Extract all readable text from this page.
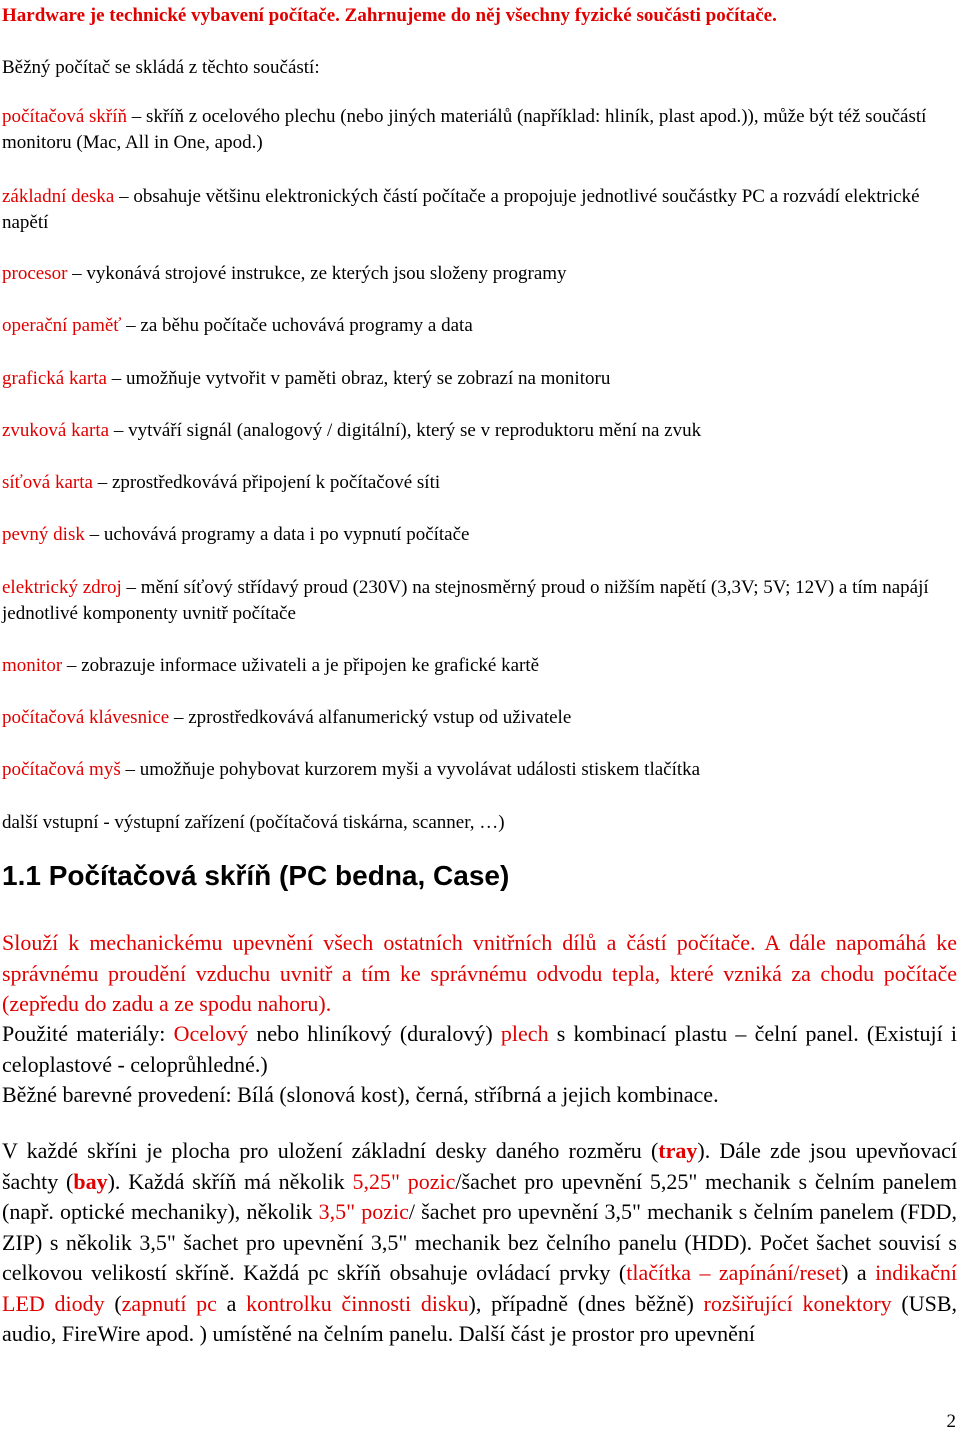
Hardware je technické vybavení počítače. Zahrnujeme do něj všechny fyzické součásti počítače.
Běžný počítač se skládá z těchto součástí:
počítačová skříň – skříň z ocelového plechu (nebo jiných materiálů (například: hliník, plast apod.)), může být též součástí monitoru (Mac, All in One, apod.)
základní deska – obsahuje většinu elektronických částí počítače a propojuje jednotlivé součástky PC a rozvádí elektrické napětí
procesor – vykonává strojové instrukce, ze kterých jsou složeny programy
operační paměť – za běhu počítače uchovává programy a data
grafická karta – umožňuje vytvořit v paměti obraz, který se zobrazí na monitoru
zvuková karta – vytváří signál (analogový / digitální), který se v reproduktoru mění na zvuk
síťová karta – zprostředkovává připojení k počítačové síti
pevný disk – uchovává programy a data i po vypnutí počítače
elektrický zdroj – mění síťový střídavý proud (230V) na stejnosměrný proud o nižším napětí (3,3V; 5V; 12V) a tím napájí jednotlivé komponenty uvnitř počítače
monitor – zobrazuje informace uživateli a je připojen ke grafické kartě
počítačová klávesnice – zprostředkovává alfanumerický vstup od uživatele
počítačová myš – umožňuje pohybovat kurzorem myši a vyvolávat události stiskem tlačítka
další vstupní - výstupní zařízení (počítačová tiskárna, scanner, …)
1.1 Počítačová skříň (PC bedna, Case)
Slouží k mechanickému upevnění všech ostatních vnitřních dílů a částí počítače. A dále napomáhá ke správnému proudění vzduchu uvnitř a tím ke správnému odvodu tepla, které vzniká za chodu počítače (zepředu do zadu a ze spodu nahoru).
Použité materiály: Ocelový nebo hliníkový (duralový) plech s kombinací plastu – čelní panel. (Existují i celoplastové - celoprůhledné.)
Běžné barevné provedení: Bílá (slonová kost), černá, stříbrná a jejich kombinace.
V každé skříni je plocha pro uložení základní desky daného rozměru (tray). Dále zde jsou upevňovací šachty (bay). Každá skříň má několik 5,25" pozic/šachet pro upevnění 5,25" mechanik s čelním panelem (např. optické mechaniky), několik 3,5" pozic/ šachet pro upevnění 3,5" mechanik s čelním panelem (FDD, ZIP) s několik 3,5" šachet pro upevnění 3,5" mechanik bez čelního panelu (HDD). Počet šachet souvisí s celkovou velikostí skříně. Každá pc skříň obsahuje ovládací prvky (tlačítka – zapínání/reset) a indikační LED diody (zapnutí pc a kontrolku činnosti disku), případně (dnes běžně) rozšiřující konektory (USB, audio, FireWire apod. ) umístěné na čelním panelu. Další část je prostor pro upevnění
2
